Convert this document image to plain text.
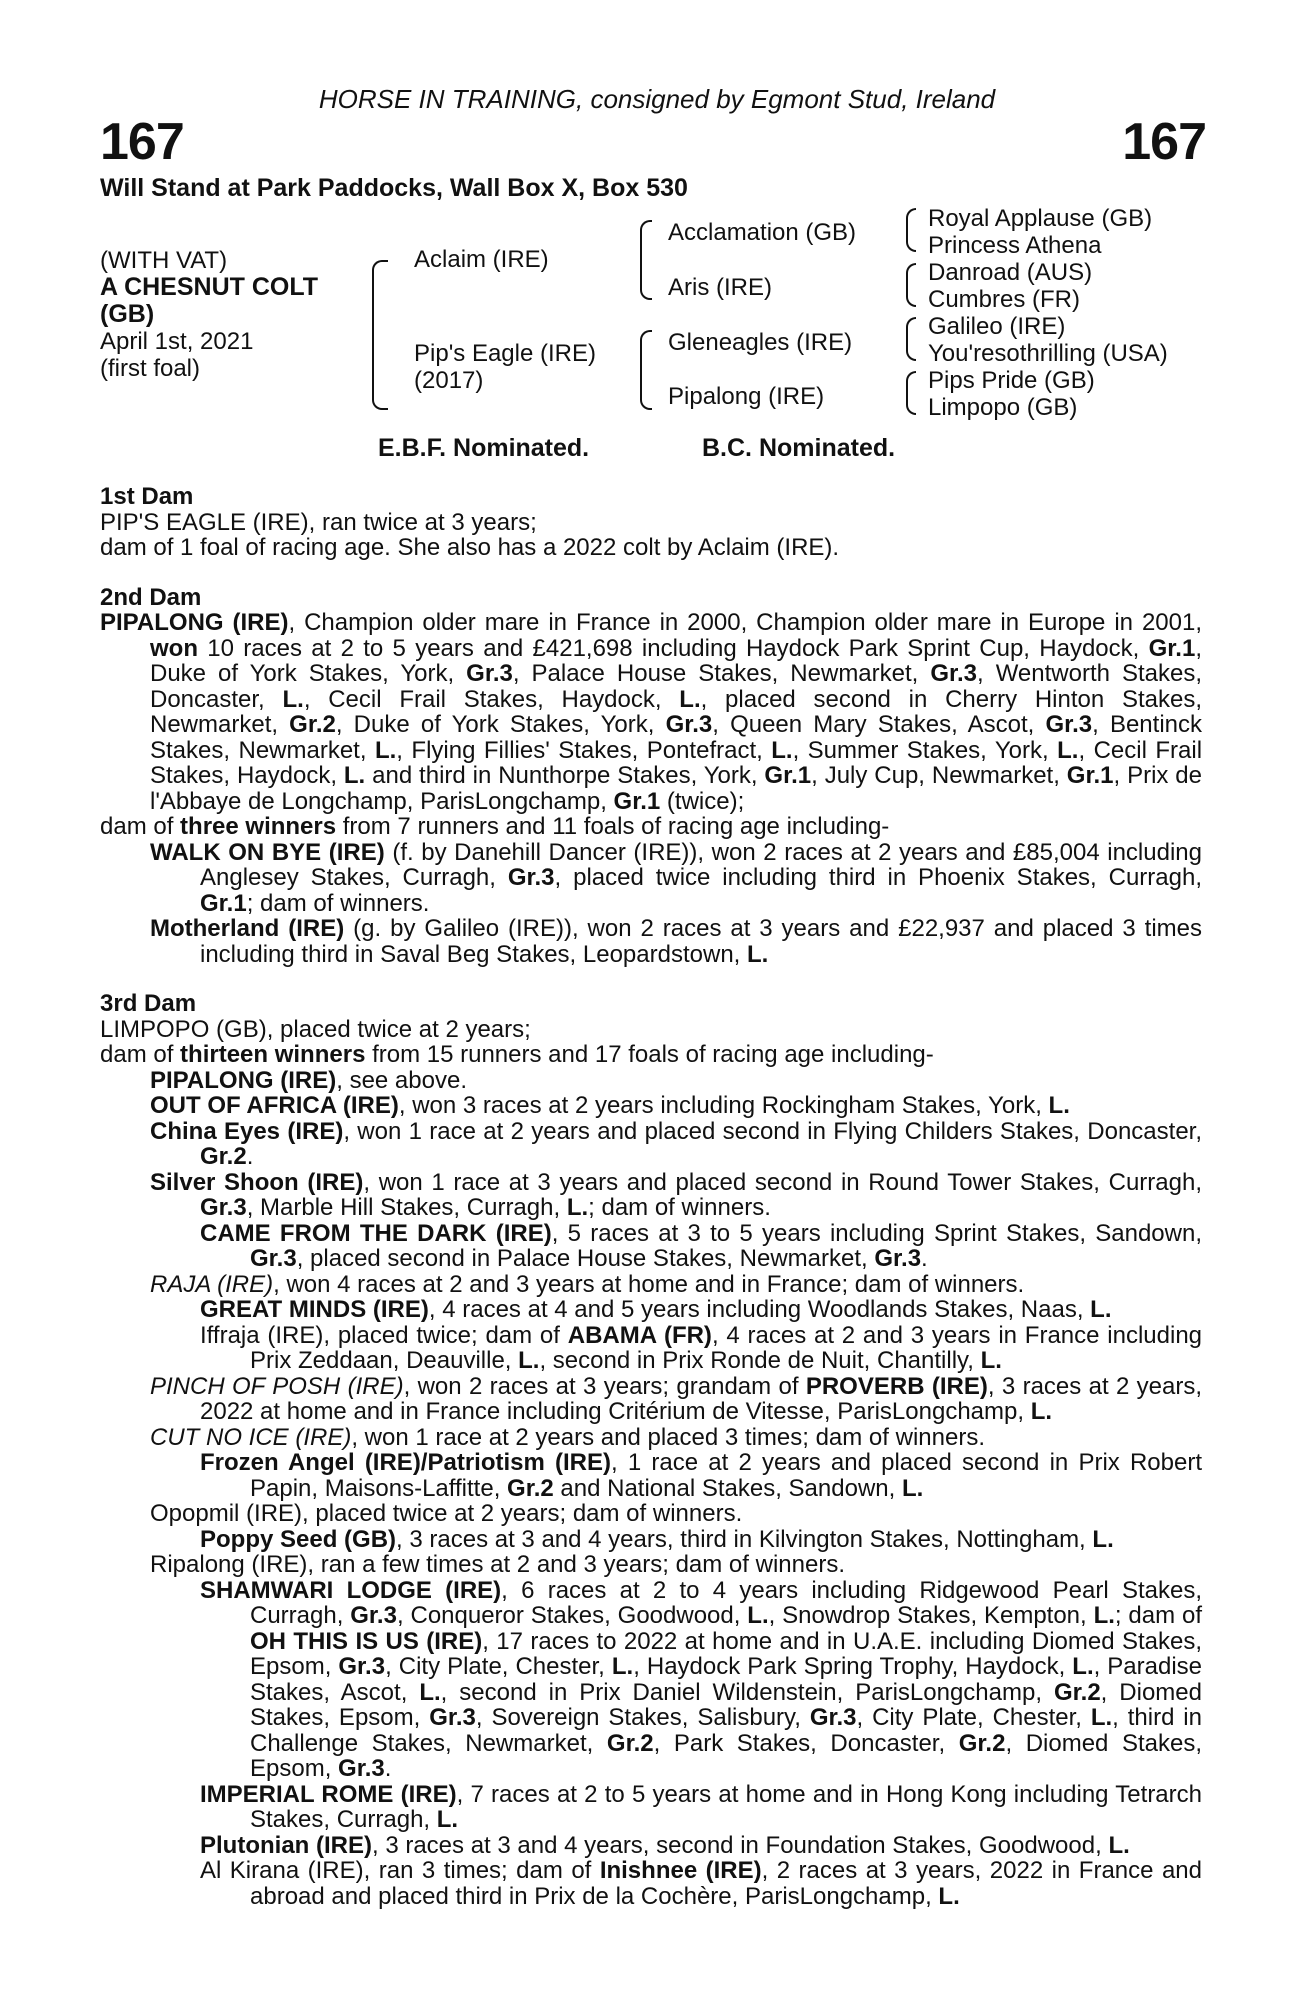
HORSE IN TRAINING, consigned by Egmont Stud, Ireland
167	167
Will Stand at Park Paddocks, Wall Box X, Box 530
(WITH VAT)
A CHESNUT COLT
(GB)
April 1st, 2021
(first foal)
Aclaim (IRE)
Pip's Eagle (IRE)
(2017)
Acclamation (GB)
Aris (IRE)
Gleneagles (IRE)
Pipalong (IRE)
Royal Applause (GB)
Princess Athena
Danroad (AUS)
Cumbres (FR)
Galileo (IRE)
You'resothrilling (USA)
Pips Pride (GB)
Limpopo (GB)
E.B.F. Nominated.	B.C. Nominated.
1st Dam
PIP'S EAGLE (IRE), ran twice at 3 years;
dam of 1 foal of racing age. She also has a 2022 colt by Aclaim (IRE).
2nd Dam
PIPALONG (IRE), Champion older mare in France in 2000, Champion older mare in Europe in 2001, won 10 races at 2 to 5 years and £421,698 including Haydock Park Sprint Cup, Haydock, Gr.1, Duke of York Stakes, York, Gr.3, Palace House Stakes, Newmarket, Gr.3, Wentworth Stakes, Doncaster, L., Cecil Frail Stakes, Haydock, L., placed second in Cherry Hinton Stakes, Newmarket, Gr.2, Duke of York Stakes, York, Gr.3, Queen Mary Stakes, Ascot, Gr.3, Bentinck Stakes, Newmarket, L., Flying Fillies' Stakes, Pontefract, L., Summer Stakes, York, L., Cecil Frail Stakes, Haydock, L. and third in Nunthorpe Stakes, York, Gr.1, July Cup, Newmarket, Gr.1, Prix de l'Abbaye de Longchamp, ParisLongchamp, Gr.1 (twice);
dam of three winners from 7 runners and 11 foals of racing age including-
WALK ON BYE (IRE) (f. by Danehill Dancer (IRE)), won 2 races at 2 years and £85,004 including Anglesey Stakes, Curragh, Gr.3, placed twice including third in Phoenix Stakes, Curragh, Gr.1; dam of winners.
Motherland (IRE) (g. by Galileo (IRE)), won 2 races at 3 years and £22,937 and placed 3 times including third in Saval Beg Stakes, Leopardstown, L.
3rd Dam
LIMPOPO (GB), placed twice at 2 years;
dam of thirteen winners from 15 runners and 17 foals of racing age including-
PIPALONG (IRE), see above.
OUT OF AFRICA (IRE), won 3 races at 2 years including Rockingham Stakes, York, L.
China Eyes (IRE), won 1 race at 2 years and placed second in Flying Childers Stakes, Doncaster, Gr.2.
Silver Shoon (IRE), won 1 race at 3 years and placed second in Round Tower Stakes, Curragh, Gr.3, Marble Hill Stakes, Curragh, L.; dam of winners.
CAME FROM THE DARK (IRE), 5 races at 3 to 5 years including Sprint Stakes, Sandown, Gr.3, placed second in Palace House Stakes, Newmarket, Gr.3.
RAJA (IRE), won 4 races at 2 and 3 years at home and in France; dam of winners.
GREAT MINDS (IRE), 4 races at 4 and 5 years including Woodlands Stakes, Naas, L.
Iffraja (IRE), placed twice; dam of ABAMA (FR), 4 races at 2 and 3 years in France including Prix Zeddaan, Deauville, L., second in Prix Ronde de Nuit, Chantilly, L.
PINCH OF POSH (IRE), won 2 races at 3 years; grandam of PROVERB (IRE), 3 races at 2 years, 2022 at home and in France including Critérium de Vitesse, ParisLongchamp, L.
CUT NO ICE (IRE), won 1 race at 2 years and placed 3 times; dam of winners.
Frozen Angel (IRE)/Patriotism (IRE), 1 race at 2 years and placed second in Prix Robert Papin, Maisons-Laffitte, Gr.2 and National Stakes, Sandown, L.
Opopmil (IRE), placed twice at 2 years; dam of winners.
Poppy Seed (GB), 3 races at 3 and 4 years, third in Kilvington Stakes, Nottingham, L.
Ripalong (IRE), ran a few times at 2 and 3 years; dam of winners.
SHAMWARI LODGE (IRE), 6 races at 2 to 4 years including Ridgewood Pearl Stakes, Curragh, Gr.3, Conqueror Stakes, Goodwood, L., Snowdrop Stakes, Kempton, L.; dam of OH THIS IS US (IRE), 17 races to 2022 at home and in U.A.E. including Diomed Stakes, Epsom, Gr.3, City Plate, Chester, L., Haydock Park Spring Trophy, Haydock, L., Paradise Stakes, Ascot, L., second in Prix Daniel Wildenstein, ParisLongchamp, Gr.2, Diomed Stakes, Epsom, Gr.3, Sovereign Stakes, Salisbury, Gr.3, City Plate, Chester, L., third in Challenge Stakes, Newmarket, Gr.2, Park Stakes, Doncaster, Gr.2, Diomed Stakes, Epsom, Gr.3.
IMPERIAL ROME (IRE), 7 races at 2 to 5 years at home and in Hong Kong including Tetrarch Stakes, Curragh, L.
Plutonian (IRE), 3 races at 3 and 4 years, second in Foundation Stakes, Goodwood, L.
Al Kirana (IRE), ran 3 times; dam of Inishnee (IRE), 2 races at 3 years, 2022 in France and abroad and placed third in Prix de la Cochère, ParisLongchamp, L.
